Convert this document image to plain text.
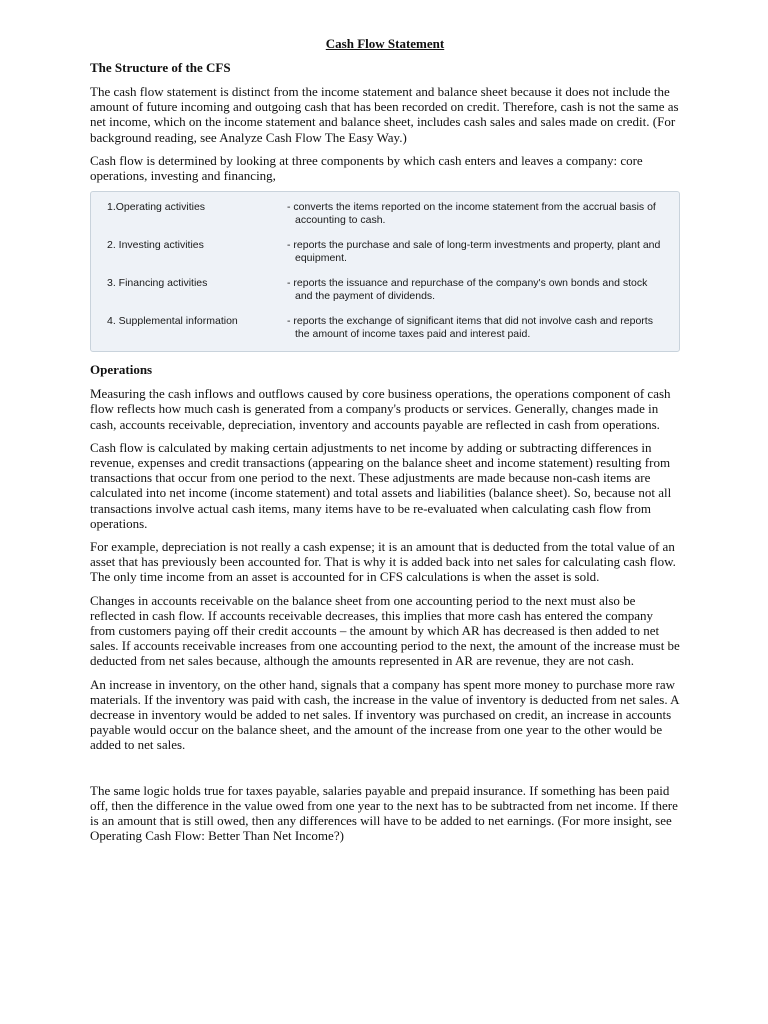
Cash Flow Statement
The Structure of the CFS

The cash flow statement is distinct from the income statement and balance sheet because it does not include the amount of future incoming and outgoing cash that has been recorded on credit. Therefore, cash is not the same as net income, which on the income statement and balance sheet, includes cash sales and sales made on credit. (For background reading, see Analyze Cash Flow The Easy Way.)

Cash flow is determined by looking at three components by which cash enters and leaves a company: core operations, investing and financing,

1.Operating activities	- converts the items reported on the income statement from the accrual basis of accounting to cash.
2. Investing activities	- reports the purchase and sale of long-term investments and property, plant and equipment.
3. Financing activities	- reports the issuance and repurchase of the company's own bonds and stock and the payment of dividends.
4. Supplemental information	- reports the exchange of significant items that did not involve cash and reports the amount of income taxes paid and interest paid.
Operations

Measuring the cash inflows and outflows caused by core business operations, the operations component of cash flow reflects how much cash is generated from a company's products or services. Generally, changes made in cash, accounts receivable, depreciation, inventory and accounts payable are reflected in cash from operations.

Cash flow is calculated by making certain adjustments to net income by adding or subtracting differences in revenue, expenses and credit transactions (appearing on the balance sheet and income statement) resulting from transactions that occur from one period to the next. These adjustments are made because non-cash items are calculated into net income (income statement) and total assets and liabilities (balance sheet). So, because not all transactions involve actual cash items, many items have to be re-evaluated when calculating cash flow from operations.

For example, depreciation is not really a cash expense; it is an amount that is deducted from the total value of an asset that has previously been accounted for. That is why it is added back into net sales for calculating cash flow. The only time income from an asset is accounted for in CFS calculations is when the asset is sold.

Changes in accounts receivable on the balance sheet from one accounting period to the next must also be reflected in cash flow. If accounts receivable decreases, this implies that more cash has entered the company from customers paying off their credit accounts – the amount by which AR has decreased is then added to net sales. If accounts receivable increases from one accounting period to the next, the amount of the increase must be deducted from net sales because, although the amounts represented in AR are revenue, they are not cash.

An increase in inventory, on the other hand, signals that a company has spent more money to purchase more raw materials. If the inventory was paid with cash, the increase in the value of inventory is deducted from net sales. A decrease in inventory would be added to net sales. If inventory was purchased on credit, an increase in accounts payable would occur on the balance sheet, and the amount of the increase from one year to the other would be added to net sales.

The same logic holds true for taxes payable, salaries payable and prepaid insurance. If something has been paid off, then the difference in the value owed from one year to the next has to be subtracted from net income. If there is an amount that is still owed, then any differences will have to be added to net earnings. (For more insight, see Operating Cash Flow: Better Than Net Income?)
